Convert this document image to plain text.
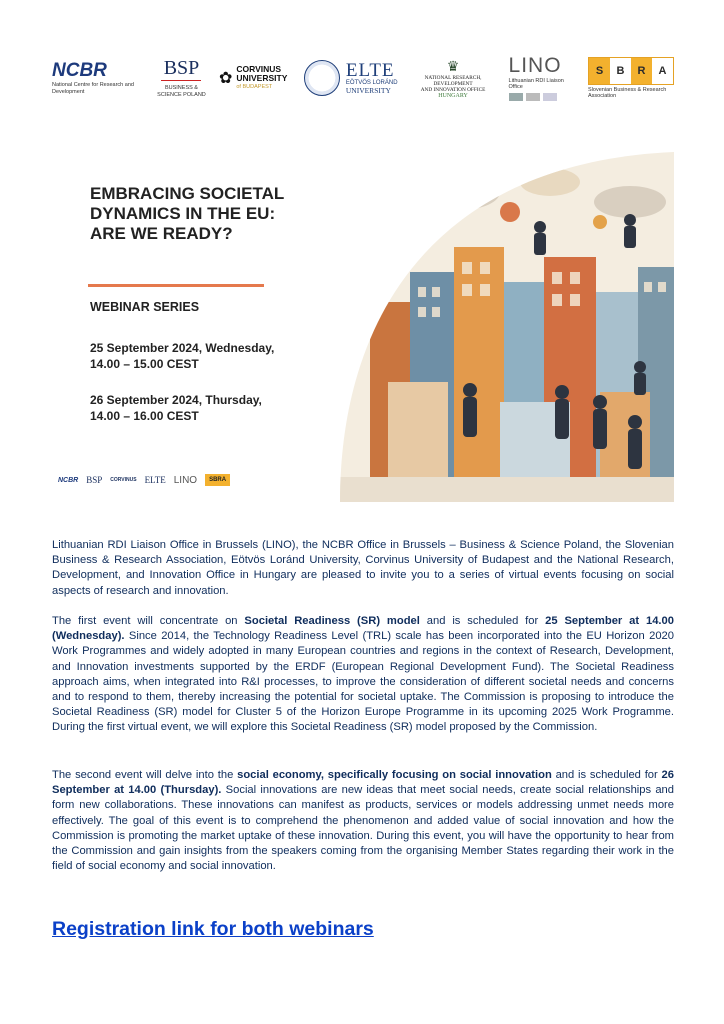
NCBR
National Centre for Research and Development
BSP
BUSINESS & SCIENCE POLAND
✿
CORVINUS UNIVERSITY
of BUDAPEST
ELTE
EÖTVÖS LORÁND
UNIVERSITY
♛
NATIONAL RESEARCH, DEVELOPMENT
AND INNOVATION OFFICE
HUNGARY
LINO
Lithuanian RDI Liaison Office
S	B	R	A
Slovenian Business & Research Association
EMBRACING SOCIETAL
DYNAMICS IN THE EU:
ARE WE READY?
WEBINAR SERIES
25 September 2024, Wednesday,
14.00 – 15.00 CEST
26 September 2024, Thursday,
14.00 – 16.00 CEST
NCBR BSP CORVINUS ELTE LINO	SBRA

Lithuanian RDI Liaison Office in Brussels (LINO), the NCBR Office in Brussels – Business & Science Poland, the Slovenian Business & Research Association, Eötvös Loránd University, Corvinus University of Budapest and the National Research, Development, and Innovation Office in Hungary are pleased to invite you to a series of virtual events focusing on social aspects of research and innovation.

The first event will concentrate on Societal Readiness (SR) model and is scheduled for 25 September at 14.00 (Wednesday). Since 2014, the Technology Readiness Level (TRL) scale has been incorporated into the EU Horizon 2020 Work Programmes and widely adopted in many European countries and regions in the context of Research, Development, and Innovation investments supported by the ERDF (European Regional Development Fund). The Societal Readiness approach aims, when integrated into R&I processes, to improve the consideration of different societal needs and concerns and to respond to them, thereby increasing the potential for societal uptake. The Commission is proposing to introduce the Societal Readiness (SR) model for Cluster 5 of the Horizon Europe Programme in its upcoming 2025 Work Programme. During the first virtual event, we will explore this Societal Readiness (SR) model proposed by the Commission.

The second event will delve into the social economy, specifically focusing on social innovation and is scheduled for 26 September at 14.00 (Thursday). Social innovations are new ideas that meet social needs, create social relationships and form new collaborations. These innovations can manifest as products, services or models addressing unmet needs more effectively. The goal of this event is to comprehend the phenomenon and added value of social innovation and how the Commission is promoting the market uptake of these innovation. During this event, you will have the opportunity to hear from the Commission and gain insights from the speakers coming from the organising Member States regarding their work in the field of social economy and social innovation.

Registration link for both webinars
